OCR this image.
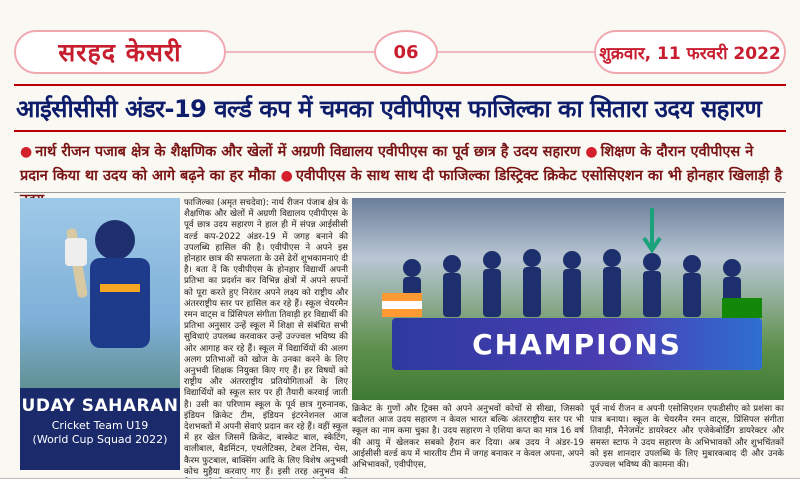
सरहद केसरी	06	शुक्रवार, 11 फरवरी 2022
आईसीसीसी अंडर-19 वर्ल्ड कप में चमका एवीपीएस फाजिल्का का सितारा उदय सहारण
● नार्थ रीजन पजाब क्षेत्र के शैक्षणिक और खेलों में अग्रणी विद्यालय एवीपीएस का पूर्व छात्र है उदय सहारण ● शिक्षण के दौरान एवीपीएस ने प्रदान किया था उदय को आगे बढ़ने का हर मौका ● एवीपीएस के साथ साथ दी फाजिल्का डिस्ट्रिक्ट क्रिकेट एसोसिएशन का भी होनहार खिलाड़ी है
UDAY SAHARAN
Cricket Team U19
(World Cup Squad 2022)
फाजिल्का (अमृत सचदेवा): नार्थ रीजन पंजाब क्षेत्र के शैक्षणिक और खेलों में अग्रणी विद्यालय एवीपीएस के पूर्व छात्र उदय सहारण ने हाल ही में संपन्न आईसीसी वर्ल्ड कप-2022 अंडर-19 में जगह बनाने की उपलब्धि हासिल की है। एवीपीएस ने अपने इस होनहार छात्र की सफलता के उसे ढेरों शुभकामनाएं दी है। बता दें कि एवीपीएस के होनहार विद्यार्थी अपनी प्रतिभा का प्रदर्शन कर विभिन्न क्षेत्रों में अपने सपनों को पूरा करते हुए निरंतर अपने लक्ष्य को राष्ट्रीय और अंतरराष्ट्रीय स्तर पर हासिल कर रहे हैं। स्कूल चेयरमैन रमन वाट्स व प्रिंसिपल संगीता तिवाड़ी हर विद्यार्थी की प्रतिभा अनुसार उन्हें स्कूल में शिक्षा से संबंधित सभी सुविधाएं उपलब्ध करवाकर उन्हें उज्ज्वल भविष्य की ओर आगाह कर रहे हैं। स्कूल में विद्यार्थियों की अलग अलग प्रतिभाओं को खोज के उनका करने के लिए अनुभवी शिक्षक नियुक्त किए गए हैं। हर विषयों को राष्ट्रीय और अंतरराष्ट्रीय प्रतियोगिताओं के लिए विद्यार्थियों को स्कूल स्तर पर ही तैयारी करवाई जाती है। उसी का परिणाम स्कूल के पूर्व छात्र गुरुनानक, इंडियन क्रिकेट टीम, इंडियन इंटरनेशनल आज देशभक्तों में अपनी सेवाएं प्रदान कर रहे हैं। वहीं स्कूल में हर खेल जिसमें क्रिकेट, बास्केट बाल, स्केटिंग, वालीबाल, बैडमिंटन, एथलेटिक्स, टेबल टेनिस, चेस, कैरम फुटबाल, बाक्सिंग आदि के लिए विशेष अनुभवी कोच मुहैया करवाए गए हैं। इसी तरह अनुभव की
CHAMPIONS
क्रिकेट के गुणों और ट्रिक्स को अपने अनुभवों कोचों से सीखा, जिसको बदौलत आज उदय सहारण न केवल भारत बल्कि अंतरराष्ट्रीय स्तर पर भी स्कूल का नाम कमा चुका है। उदय सहारण ने एशिया कप्त का मात्र 16 वर्ष की आयु में खेलकर सबको हैरान कर दिया। अब उदय ने अंडर-19 आईसीसी वर्ल्ड कप में भारतीय टीम में जगह बनाकर न केवल अपना, अपने अभिभावकों, एवीपीएस,
पूर्व नार्थ रीजन व अपनी एसोसिएशन एफडीसीए को प्रशंसा का पात्र बनाया। स्कूल के चेयरमैन रमन वाट्स, प्रिंसिपल संगीता तिवाड़ी, मैनेजमेंट डायरेक्टर और एजेकेबोर्डिंग डायरेक्टर और समस्त स्टाफ ने उदय सहारण के अभिभावकों और शुभचिंतकों को इस शानदार उपलब्धि के लिए मुबारकबाद दी और उनके उज्ज्वल भविष्य की कामना की।
